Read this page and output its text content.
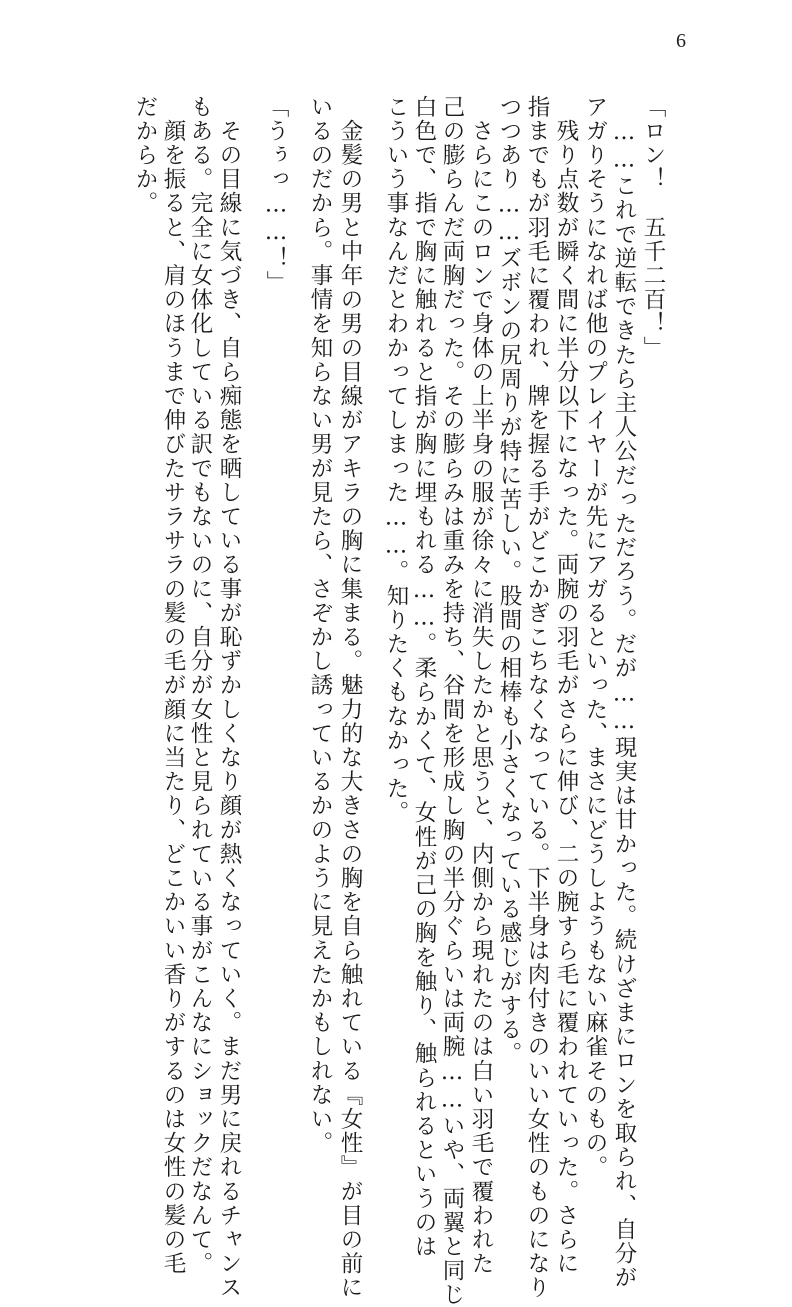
6
「ロン！　五千二百！」
　……これで逆転できたら主人公だっただろう。だが……現実は甘かった。続けざまにロンを取られ、自分が
アガりそうになれば他のプレイヤーが先にアガるといった、まさにどうしようもない麻雀そのもの。
　残り点数が瞬く間に半分以下になった。両腕の羽毛がさらに伸び、二の腕すら毛に覆われていった。さらに
指までもが羽毛に覆われ、牌を握る手がどこかぎこちなくなっている。下半身は肉付きのいい女性のものになり
つつあり……ズボンの尻周りが特に苦しい。股間の相棒も小さくなっている感じがする。
　さらにこのロンで身体の上半身の服が徐々に消失したかと思うと、内側から現れたのは白い羽毛で覆われた
己の膨らんだ両胸だった。その膨らみは重みを持ち、谷間を形成し胸の半分ぐらいは両腕……いや、両翼と同じ
白色で、指で胸に触れると指が胸に埋もれる……。柔らかくて、女性が己の胸を触り、触られるというのは
こういう事なんだとわかってしまった……。知りたくもなかった。
　金髪の男と中年の男の目線がアキラの胸に集まる。魅力的な大きさの胸を自ら触れている『女性』が目の前に
いるのだから。事情を知らない男が見たら、さぞかし誘っているかのように見えたかもしれない。
「うぅっ……！」
　その目線に気づき、自ら痴態を晒している事が恥ずかしくなり顔が熱くなっていく。まだ男に戻れるチャンス
もある。完全に女体化している訳でもないのに、自分が女性と見られている事がこんなにショックだなんて。
　顔を振ると、肩のほうまで伸びたサラサラの髪の毛が顔に当たり、どこかいい香りがするのは女性の髪の毛
だからか。
